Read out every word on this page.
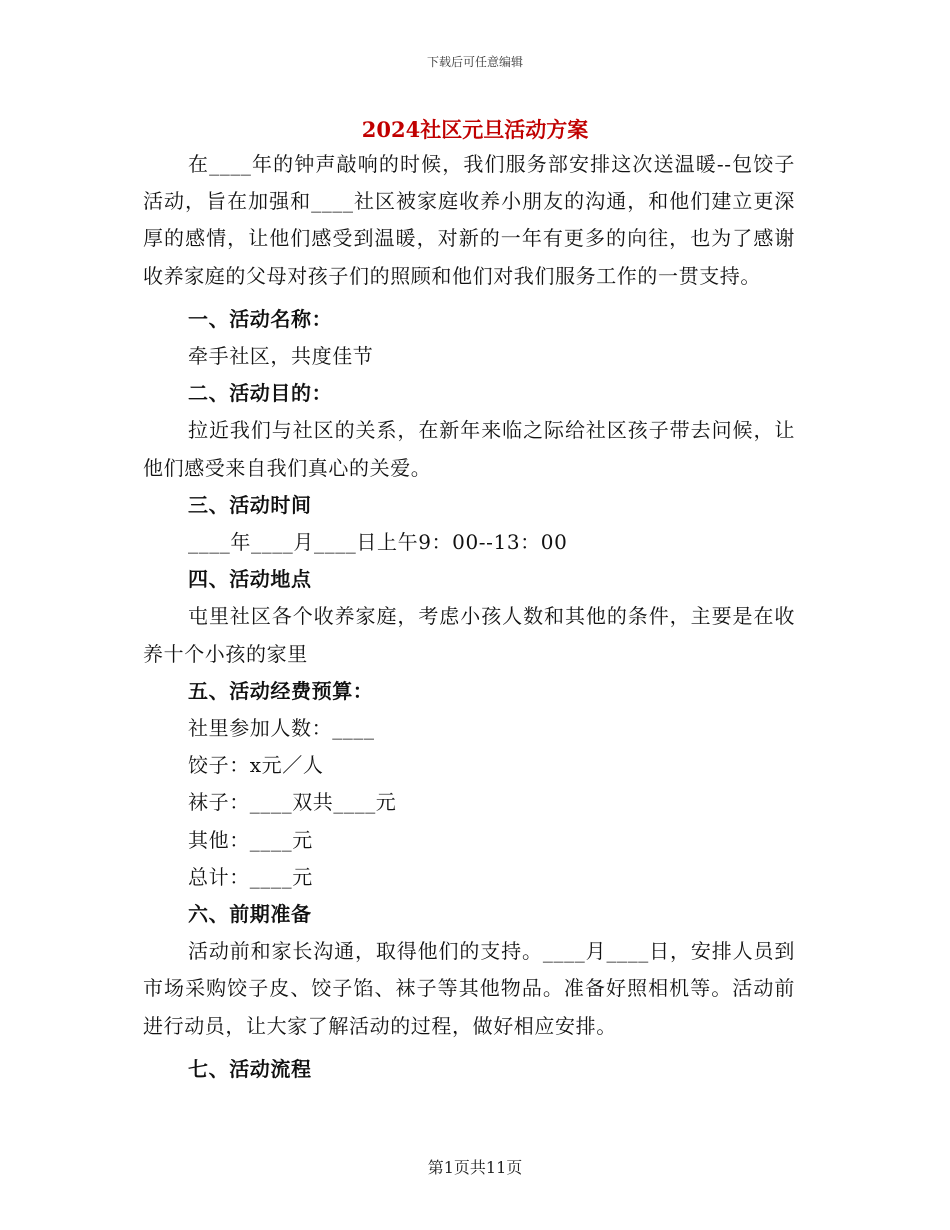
下载后可任意编辑
2024社区元旦活动方案

在____年的钟声敲响的时候，我们服务部安排这次送温暖--包饺子活动，旨在加强和____社区被家庭收养小朋友的沟通，和他们建立更深厚的感情，让他们感受到温暖，对新的一年有更多的向往，也为了感谢收养家庭的父母对孩子们的照顾和他们对我们服务工作的一贯支持。

一、活动名称：

牵手社区，共度佳节

二、活动目的：

拉近我们与社区的关系，在新年来临之际给社区孩子带去问候，让他们感受来自我们真心的关爱。

三、活动时间

____年____月____日上午9：00--13：00

四、活动地点

屯里社区各个收养家庭，考虑小孩人数和其他的条件，主要是在收养十个小孩的家里

五、活动经费预算：

社里参加人数：____

饺子：x元／人

袜子：____双共____元

其他：____元

总计：____元

六、前期准备

活动前和家长沟通，取得他们的支持。____月____日，安排人员到市场采购饺子皮、饺子馅、袜子等其他物品。准备好照相机等。活动前进行动员，让大家了解活动的过程，做好相应安排。

七、活动流程

第1页共11页
